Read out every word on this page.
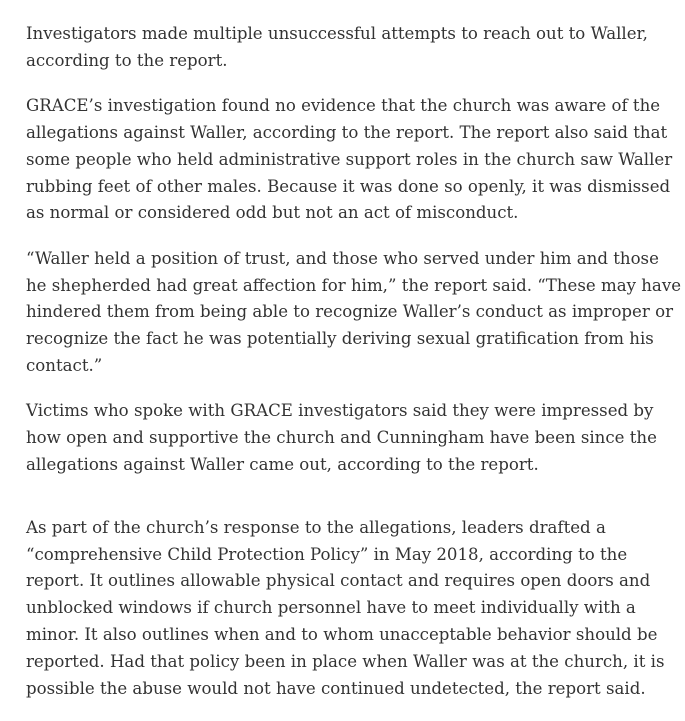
Investigators made multiple unsuccessful attempts to reach out to Waller, according to the report.

GRACE’s investigation found no evidence that the church was aware of the allegations against Waller, according to the report. The report also said that some people who held administrative support roles in the church saw Waller rubbing feet of other males. Because it was done so openly, it was dismissed as normal or considered odd but not an act of misconduct.

“Waller held a position of trust, and those who served under him and those he shepherded had great affection for him,” the report said. “These may have hindered them from being able to recognize Waller’s conduct as improper or recognize the fact he was potentially deriving sexual gratification from his contact.”

Victims who spoke with GRACE investigators said they were impressed by how open and supportive the church and Cunningham have been since the allegations against Waller came out, according to the report.

As part of the church’s response to the allegations, leaders drafted a “comprehensive Child Protection Policy” in May 2018, according to the report. It outlines allowable physical contact and requires open doors and unblocked windows if church personnel have to meet individually with a minor. It also outlines when and to whom unacceptable behavior should be reported. Had that policy been in place when Waller was at the church, it is possible the abuse would not have continued undetected, the report said.
